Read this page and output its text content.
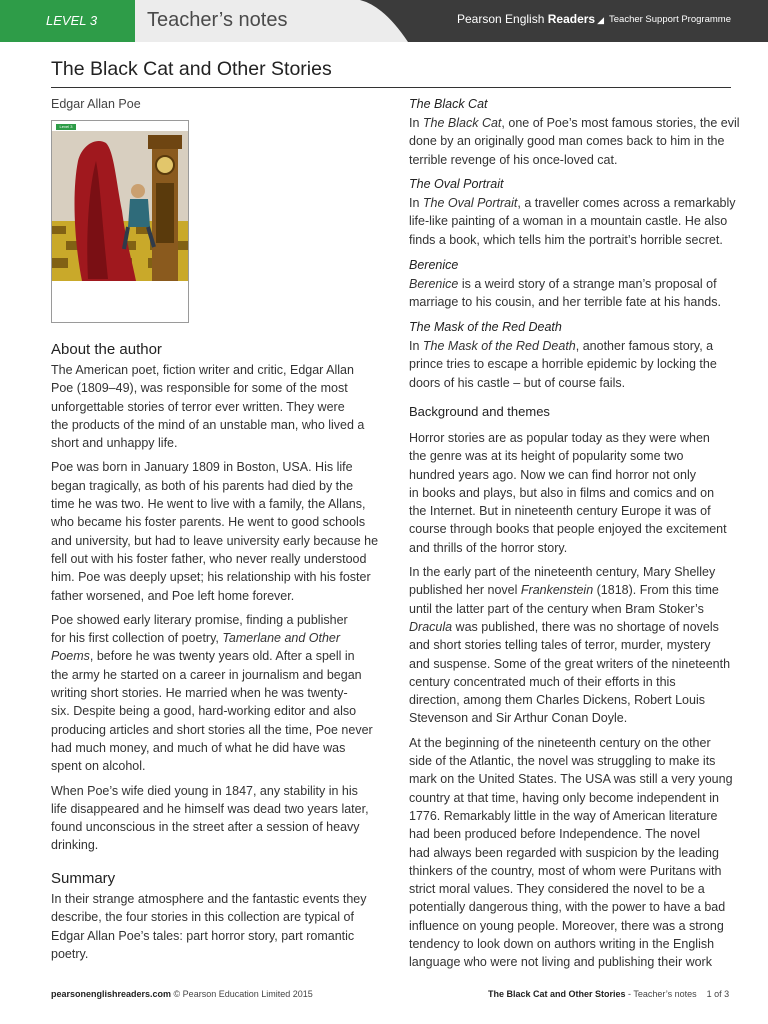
LEVEL 3 Teacher’s notes	Pearson English Readers ◢ Teacher Support Programme
The Black Cat and Other Stories
Edgar Allan Poe
Level 3
About the author

The American poet, fiction writer and critic, Edgar Allan
Poe (1809–49), was responsible for some of the most
unforgettable stories of terror ever written. They were
the products of the mind of an unstable man, who lived a
short and unhappy life.

Poe was born in January 1809 in Boston, USA. His life
began tragically, as both of his parents had died by the
time he was two. He went to live with a family, the Allans,
who became his foster parents. He went to good schools
and university, but had to leave university early because he
fell out with his foster father, who never really understood
him. Poe was deeply upset; his relationship with his foster
father worsened, and Poe left home forever.

Poe showed early literary promise, finding a publisher
for his first collection of poetry, Tamerlane and Other
Poems, before he was twenty years old. After a spell in
the army he started on a career in journalism and began
writing short stories. He married when he was twenty-
six. Despite being a good, hard-working editor and also
producing articles and short stories all the time, Poe never
had much money, and much of what he did have was
spent on alcohol.

When Poe’s wife died young in 1847, any stability in his
life disappeared and he himself was dead two years later,
found unconscious in the street after a session of heavy
drinking.

Summary

In their strange atmosphere and the fantastic events they
describe, the four stories in this collection are typical of
Edgar Allan Poe’s tales: part horror story, part romantic
poetry.

The Black Cat
In The Black Cat, one of Poe’s most famous stories, the evil
done by an originally good man comes back to him in the
terrible revenge of his once-loved cat.
The Oval Portrait
In The Oval Portrait, a traveller comes across a remarkably
life-like painting of a woman in a mountain castle. He also
finds a book, which tells him the portrait’s horrible secret.
Berenice
Berenice is a weird story of a strange man’s proposal of
marriage to his cousin, and her terrible fate at his hands.
The Mask of the Red Death
In The Mask of the Red Death, another famous story, a
prince tries to escape a horrible epidemic by locking the
doors of his castle – but of course fails.
Background and themes

Horror stories are as popular today as they were when
the genre was at its height of popularity some two
hundred years ago. Now we can find horror not only
in books and plays, but also in films and comics and on
the Internet. But in nineteenth century Europe it was of
course through books that people enjoyed the excitement
and thrills of the horror story.

In the early part of the nineteenth century, Mary Shelley
published her novel Frankenstein (1818). From this time
until the latter part of the century when Bram Stoker’s
Dracula was published, there was no shortage of novels
and short stories telling tales of terror, murder, mystery
and suspense. Some of the great writers of the nineteenth
century concentrated much of their efforts in this
direction, among them Charles Dickens, Robert Louis
Stevenson and Sir Arthur Conan Doyle.

At the beginning of the nineteenth century on the other
side of the Atlantic, the novel was struggling to make its
mark on the United States. The USA was still a very young
country at that time, having only become independent in
1776. Remarkably little in the way of American literature
had been produced before Independence. The novel
had always been regarded with suspicion by the leading
thinkers of the country, most of whom were Puritans with
strict moral values. They considered the novel to be a
potentially dangerous thing, with the power to have a bad
influence on young people. Moreover, there was a strong
tendency to look down on authors writing in the English
language who were not living and publishing their work

pearsonenglishreaders.com © Pearson Education Limited 2015	The Black Cat and Other Stories - Teacher’s notes 1 of 3
